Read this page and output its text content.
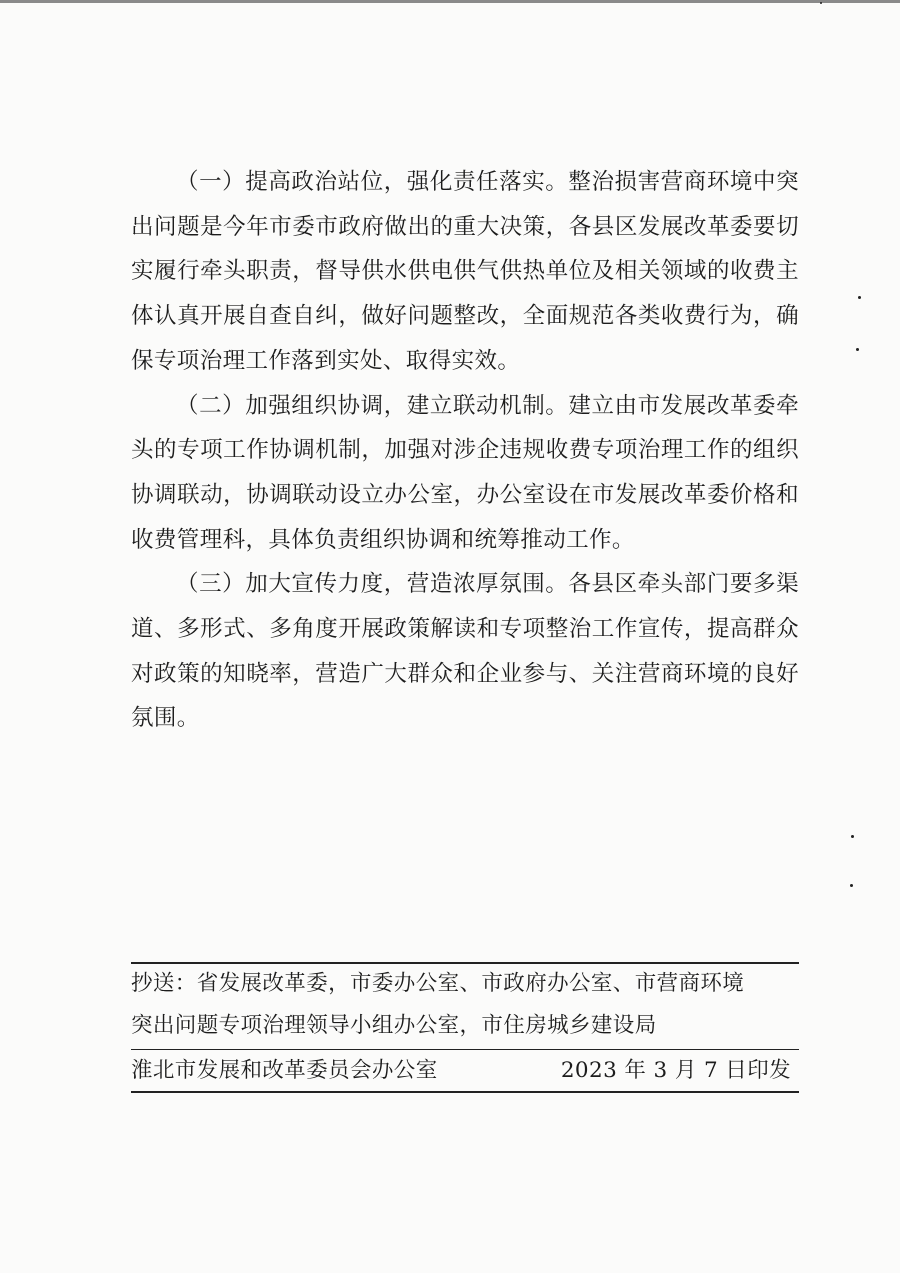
（一）提高政治站位，强化责任落实。整治损害营商环境中突出问题是今年市委市政府做出的重大决策，各县区发展改革委要切实履行牵头职责，督导供水供电供气供热单位及相关领域的收费主体认真开展自查自纠，做好问题整改，全面规范各类收费行为，确保专项治理工作落到实处、取得实效。

（二）加强组织协调，建立联动机制。建立由市发展改革委牵头的专项工作协调机制，加强对涉企违规收费专项治理工作的组织协调联动，协调联动设立办公室，办公室设在市发展改革委价格和收费管理科，具体负责组织协调和统筹推动工作。

（三）加大宣传力度，营造浓厚氛围。各县区牵头部门要多渠道、多形式、多角度开展政策解读和专项整治工作宣传，提高群众对政策的知晓率，营造广大群众和企业参与、关注营商环境的良好氛围。

抄送：省发展改革委，市委办公室、市政府办公室、市营商环境

突出问题专项治理领导小组办公室，市住房城乡建设局

淮北市发展和改革委员会办公室	2023 年 3 月 7 日印发
